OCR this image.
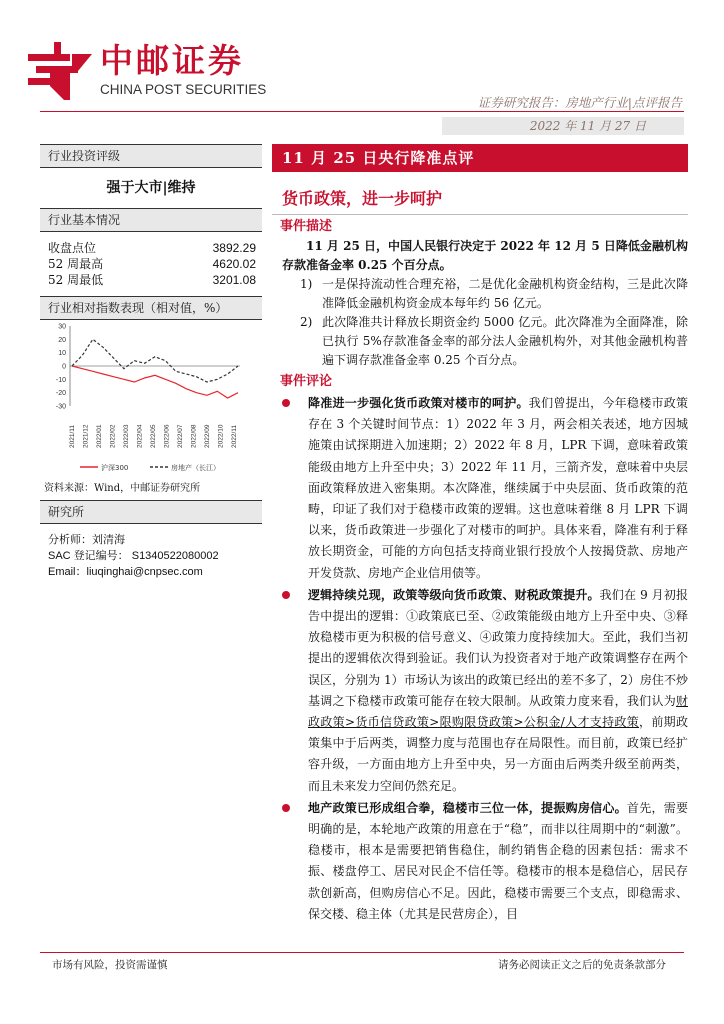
中邮证券
CHINA POST SECURITIES
证券研究报告：房地产行业|点评报告
2022 年 11 月 27 日
行业投资评级
强于大市|维持
行业基本情况
收盘点位	3892.29
52 周最高	4620.02
52 周最低	3201.08
行业相对指数表现（相对值，%）
30
20
10
0
-10
-20
-30
2021/11 2021/12 2022/01 2022/02 2022/03 2022/04 2022/05 2022/06 2022/07 2022/08 2022/09 2022/10 2022/11
沪深300	房地产（长江）
资料来源：Wind，中邮证券研究所
研究所
分析师：刘清海
SAC 登记编号： S1340522080002
Email：liuqinghai@cnpsec.com
11 月 25 日央行降准点评
货币政策，进一步呵护
事件描述
11 月 25 日，中国人民银行决定于 2022 年 12 月 5 日降低金融机构存款准备金率 0.25 个百分点。
1) 一是保持流动性合理充裕，二是优化金融机构资金结构，三是此次降准降低金融机构资金成本每年约 56 亿元。
2) 此次降准共计释放长期资金约 5000 亿元。此次降准为全面降准，除已执行 5%存款准备金率的部分法人金融机构外，对其他金融机构普遍下调存款准备金率 0.25 个百分点。
事件评论
降准进一步强化货币政策对楼市的呵护。我们曾提出，今年稳楼市政策存在 3 个关键时间节点：1）2022 年 3 月，两会相关表述，地方因城施策由试探期进入加速期；2）2022 年 8 月，LPR 下调，意味着政策能级由地方上升至中央；3）2022 年 11 月，三箭齐发，意味着中央层面政策释放进入密集期。本次降准，继续属于中央层面、货币政策的范畴，印证了我们对于稳楼市政策的逻辑。这也意味着继 8 月 LPR 下调以来，货币政策进一步强化了对楼市的呵护。具体来看，降准有利于释放长期资金，可能的方向包括支持商业银行投放个人按揭贷款、房地产开发贷款、房地产企业信用债等。
逻辑持续兑现，政策等级向货币政策、财税政策提升。我们在 9 月初报告中提出的逻辑：①政策底已至、②政策能级由地方上升至中央、③释放稳楼市更为积极的信号意义、④政策力度持续加大。至此，我们当初提出的逻辑依次得到验证。我们认为投资者对于地产政策调整存在两个误区，分别为 1）市场认为该出的政策已经出的差不多了，2）房住不炒基调之下稳楼市政策可能存在较大限制。从政策力度来看，我们认为财政政策>货币信贷政策>限购限贷政策>公积金/人才支持政策，前期政策集中于后两类，调整力度与范围也存在局限性。而目前，政策已经扩容升级，一方面由地方上升至中央，另一方面由后两类升级至前两类，而且未来发力空间仍然充足。
地产政策已形成组合拳，稳楼市三位一体，提振购房信心。首先，需要明确的是，本轮地产政策的用意在于“稳”，而非以往周期中的“刺激”。稳楼市，根本是需要把销售稳住，制约销售企稳的因素包括：需求不振、楼盘停工、居民对民企不信任等。稳楼市的根本是稳信心，居民存款创新高，但购房信心不足。因此，稳楼市需要三个支点，即稳需求、保交楼、稳主体（尤其是民营房企），目
市场有风险，投资需谨慎	请务必阅读正文之后的免责条款部分
